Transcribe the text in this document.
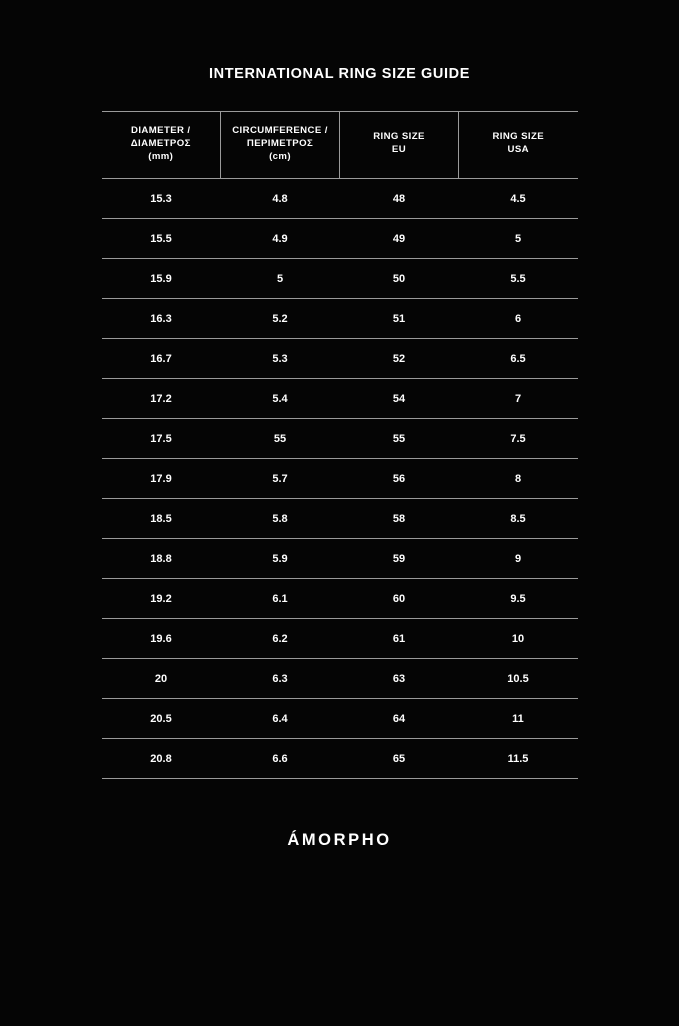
INTERNATIONAL RING SIZE GUIDE
DIAMETER /
ΔΙΑΜΕΤΡΟΣ
(mm)	CIRCUMFERENCE /
ΠΕΡΙΜΕΤΡΟΣ
(cm)	RING SIZE
EU	RING SIZE
USA

15.3	4.8	48	4.5
15.5	4.9	49	5
15.9	5	50	5.5
16.3	5.2	51	6
16.7	5.3	52	6.5
17.2	5.4	54	7
17.5	55	55	7.5
17.9	5.7	56	8
18.5	5.8	58	8.5
18.8	5.9	59	9
19.2	6.1	60	9.5
19.6	6.2	61	10
20	6.3	63	10.5
20.5	6.4	64	11
20.8	6.6	65	11.5
ÁMORPHO
